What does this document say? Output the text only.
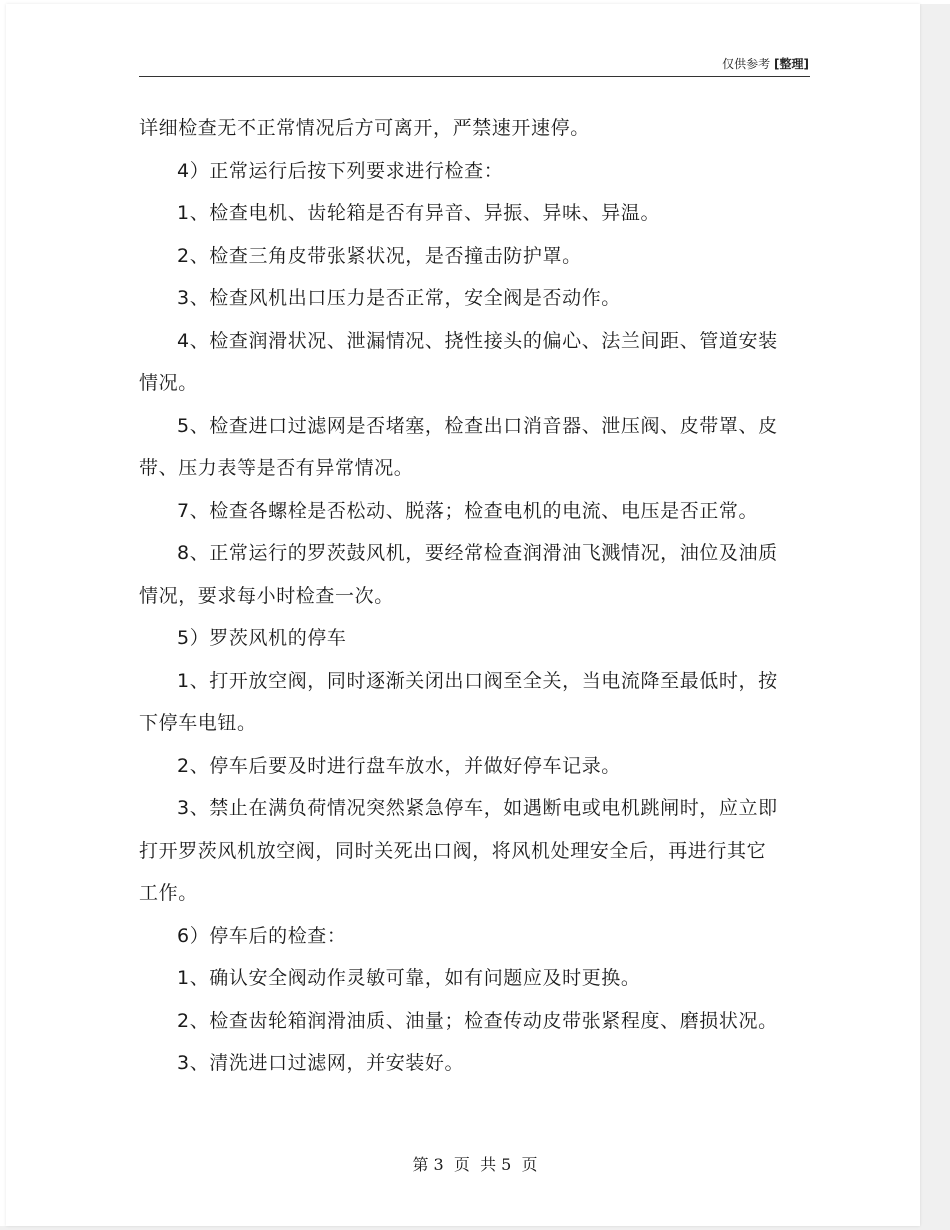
仅供参考 [整理]

详细检查无不正常情况后方可离开，严禁速开速停。

4）正常运行后按下列要求进行检查：

1、检查电机、齿轮箱是否有异音、异振、异味、异温。

2、检查三角皮带张紧状况，是否撞击防护罩。

3、检查风机出口压力是否正常，安全阀是否动作。

4、检查润滑状况、泄漏情况、挠性接头的偏心、法兰间距、管道安装情况。

5、检查进口过滤网是否堵塞，检查出口消音器、泄压阀、皮带罩、皮带、压力表等是否有异常情况。

7、检查各螺栓是否松动、脱落；检查电机的电流、电压是否正常。

8、正常运行的罗茨鼓风机，要经常检查润滑油飞溅情况，油位及油质情况，要求每小时检查一次。

5）罗茨风机的停车

1、打开放空阀，同时逐渐关闭出口阀至全关，当电流降至最低时，按下停车电钮。

2、停车后要及时进行盘车放水，并做好停车记录。

3、禁止在满负荷情况突然紧急停车，如遇断电或电机跳闸时，应立即打开罗茨风机放空阀，同时关死出口阀，将风机处理安全后，再进行其它工作。

6）停车后的检查：

1、确认安全阀动作灵敏可靠，如有问题应及时更换。

2、检查齿轮箱润滑油质、油量；检查传动皮带张紧程度、磨损状况。

3、清洗进口过滤网，并安装好。

第 3  页  共 5  页
